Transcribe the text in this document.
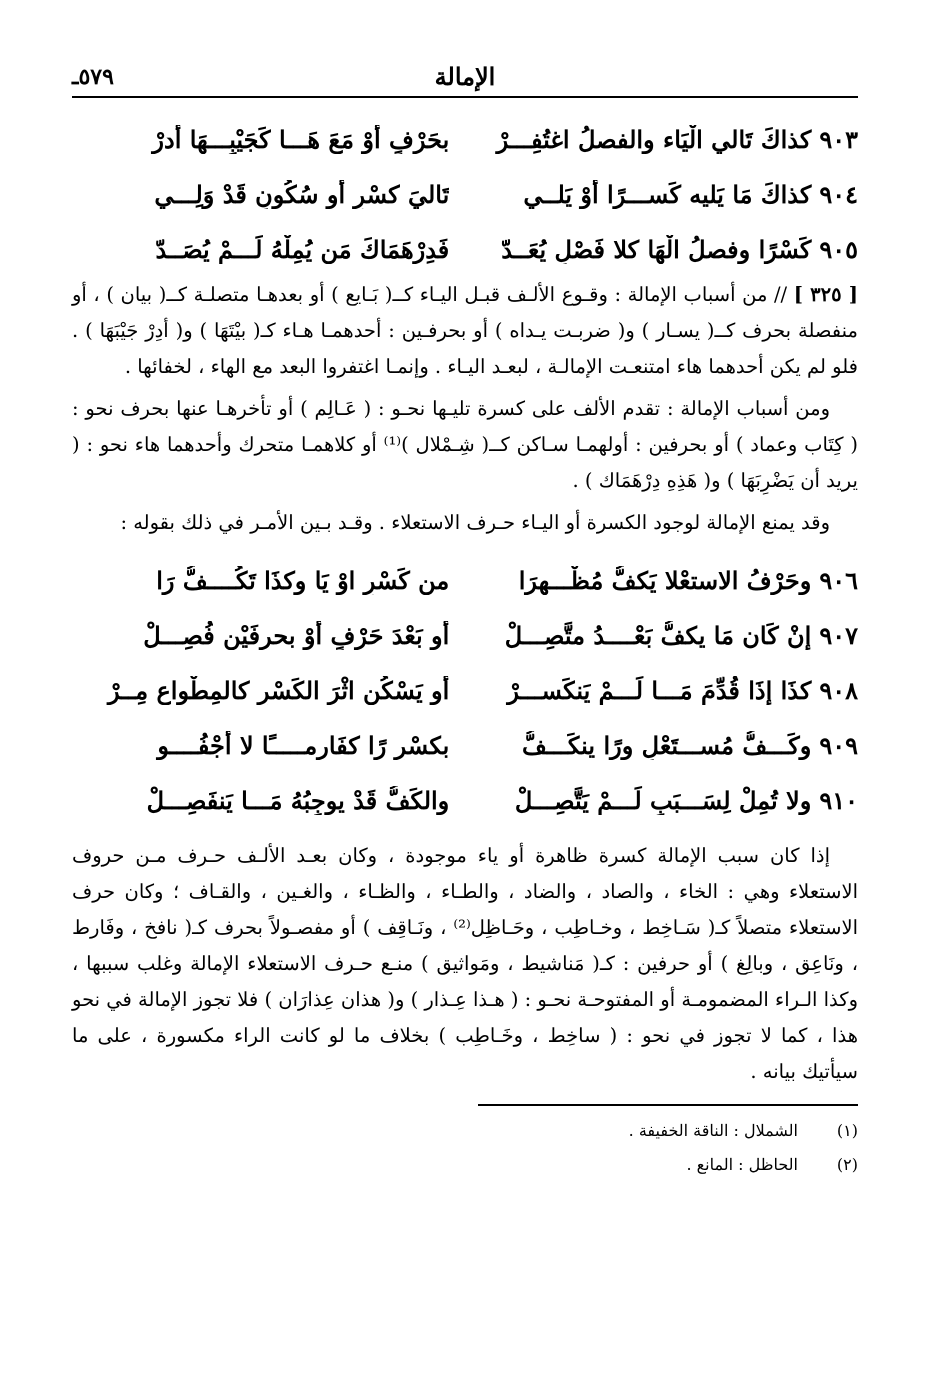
الإمالة
٥٧٩ـ
٩٠٣كذاكَ تَالي الْيَاء والفصلُ اغتُفِـــرْ
بحَرْفٍ أوْ مَعَ هَـــا كَجَيْبِـــهَا أدرْ
٩٠٤كذاكَ مَا يَليه كَســـرًا أوْ يَلــي
تَاليَ كسْرٍ أو سُكُونٍ قَدْ وَلِـــي
٩٠٥كَسْرًا وفصلُ الْهَا كلا فَصْلٍ يُعَــدّ
فَدِرْهَمَاكَ مَن يُمِلْهُ لَـــمْ يُصَــدّ

[ ٣٢٥ ] // من أسباب الإمالة : وقـوع الألـف قبـل اليـاء كــ( بَـايع ) أو بعدهـا متصلـة كــ( بيان ) ، أو منفصلة بحرف كــ( يسـار ) و( ضربـت يـداه ) أو بحرفـين : أحدهمـا هـاء كـ( بيْتَهَا ) و( أدِرْ جَيْبَهَا ) . فلو لم يكن أحدهما هاء امتنعـت الإمالـة ، لبعـد اليـاء . وإنمـا اغتفروا البعد مع الهاء ، لخفائها .

ومن أسباب الإمالة : تقدم الألف على كسرة تليـها نحـو : ( عَـالِم ) أو تأخرهـا عنها بحرف نحو : ( كِتَاب وعماد ) أو بحرفين : أولهمـا سـاكن كــ( شِـمْلال )⁽¹⁾ أو كلاهمـا متحرك وأحدهما هاء نحو : ( يريد أن يَضْرِبَهَا ) و( هَذِهِ دِرْهَمَاك ) .

وقد يمنع الإمالة لوجود الكسرة أو اليـاء حـرف الاستعلاء . وقـد بـين الأمـر في ذلك بقوله :

٩٠٦وحَرْفُ الاستعْلا يَكفُّ مُظْـــهرَا
من كَسْرٍ اوْ يَا وكذَا تَكُــــفُّ رَا
٩٠٧إنْ كَان مَا يكفُّ بَعْــــدُ متَّصِـــلْ
أو بَعْدَ حَرْفٍ أوْ بحرفَيْن فُصِـــلْ
٩٠٨كذَا إذَا قُدِّمَ مَـــا لَـــمْ يَنكَســـرْ
أو يَسْكُنِ اثْرَ الكَسْرِ كالمِطْواع مِــرْ
٩٠٩وكَـــفُّ مُســـتَعْلٍ ورًا ينكَـــفُّ
بكسْرِ رًا كفَارمـــــًا لا أجْفُــــو
٩١٠ولا تُمِلْ لِسَـــبَبٍ لَـــمْ يَتَّصِـــلْ
والكَفُّ قَدْ يوجِبُهُ مَـــا يَنفَصِـــلْ

إذا كان سبب الإمالة كسرة ظاهرة أو ياء موجودة ، وكان بعـد الألـف حـرف مـن حروف الاستعلاء وهي : الخاء ، والصاد ، والضاد ، والطـاء ، والظـاء ، والغـين ، والقـاف ؛ وكان حرف الاستعلاء متصلاً كـ( سَـاخِط ، وخـاطِب ، وحَـاظِل⁽²⁾ ، ونَـاقِف ) أو مفصـولاً بحرف كـ( نافخ ، وفَارط ، ونَاعِق ، وبالِغ ) أو حرفين : كـ( مَناشيط ، ومَواثيق ) منـع حـرف الاستعلاء الإمالة وغلب سببها ، وكذا الـراء المضمومـة أو المفتوحـة نحـو : ( هـذا عِـذار ) و( هذان عِذارَان ) فلا تجوز الإمالة في نحو هذا ، كما لا تجوز في نحو : ( ساخِط ، وخَـاطِب ) بخلاف ما لو كانت الراء مكسورة ، على ما سيأتيك بيانه .

(١)
الشملال : الناقة الخفيفة .
(٢)
الحاظل : المانع .
